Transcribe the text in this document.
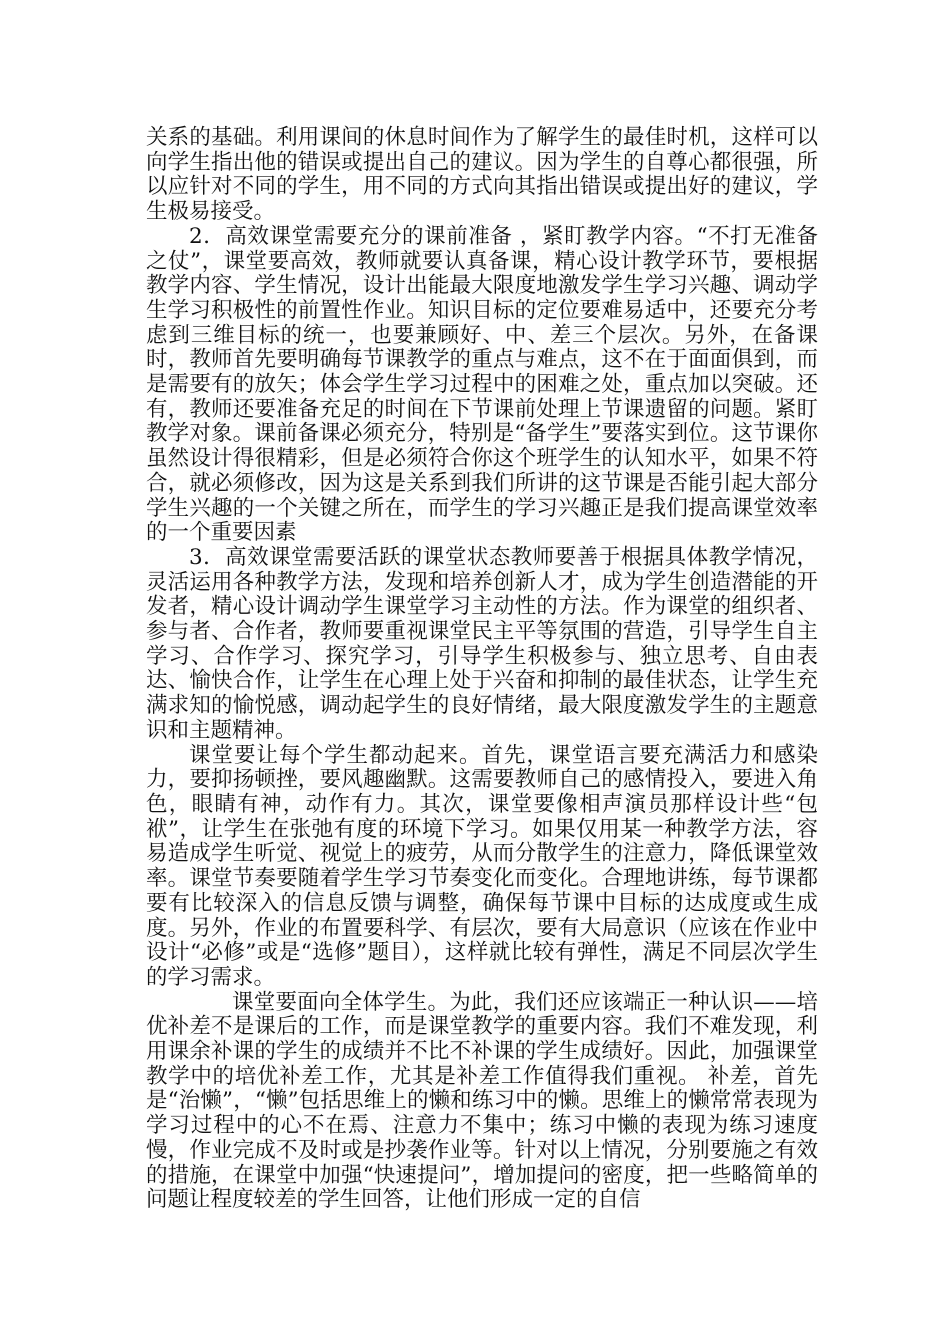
关系的基础。利用课间的休息时间作为了解学生的最佳时机，这样可以向学生指出他的错误或提出自己的建议。因为学生的自尊心都很强，所以应针对不同的学生，用不同的方式向其指出错误或提出好的建议，学生极易接受。

2．高效课堂需要充分的课前准备 ，紧盯教学内容。“不打无准备之仗”，课堂要高效，教师就要认真备课，精心设计教学环节，要根据教学内容、学生情况，设计出能最大限度地激发学生学习兴趣、调动学生学习积极性的前置性作业。知识目标的定位要难易适中，还要充分考虑到三维目标的统一，也要兼顾好、中、差三个层次。另外，在备课时，教师首先要明确每节课教学的重点与难点，这不在于面面俱到，而是需要有的放矢；体会学生学习过程中的困难之处，重点加以突破。还有，教师还要准备充足的时间在下节课前处理上节课遗留的问题。紧盯教学对象。课前备课必须充分，特别是“备学生”要落实到位。这节课你虽然设计得很精彩，但是必须符合你这个班学生的认知水平，如果不符合，就必须修改，因为这是关系到我们所讲的这节课是否能引起大部分学生兴趣的一个关键之所在，而学生的学习兴趣正是我们提高课堂效率的一个重要因素

3．高效课堂需要活跃的课堂状态教师要善于根据具体教学情况，灵活运用各种教学方法，发现和培养创新人才，成为学生创造潜能的开发者，精心设计调动学生课堂学习主动性的方法。作为课堂的组织者、参与者、合作者，教师要重视课堂民主平等氛围的营造，引导学生自主学习、合作学习、探究学习，引导学生积极参与、独立思考、自由表达、愉快合作，让学生在心理上处于兴奋和抑制的最佳状态，让学生充满求知的愉悦感，调动起学生的良好情绪，最大限度激发学生的主题意识和主题精神。

课堂要让每个学生都动起来。首先，课堂语言要充满活力和感染力，要抑扬顿挫，要风趣幽默。这需要教师自己的感情投入，要进入角色，眼睛有神，动作有力。其次，课堂要像相声演员那样设计些“包袱”，让学生在张弛有度的环境下学习。如果仅用某一种教学方法，容易造成学生听觉、视觉上的疲劳，从而分散学生的注意力，降低课堂效率。课堂节奏要随着学生学习节奏变化而变化。合理地讲练，每节课都要有比较深入的信息反馈与调整，确保每节课中目标的达成度或生成度。另外，作业的布置要科学、有层次，要有大局意识（应该在作业中设计“必修”或是“选修”题目），这样就比较有弹性，满足不同层次学生的学习需求。

课堂要面向全体学生。为此，我们还应该端正一种认识——培优补差不是课后的工作，而是课堂教学的重要内容。我们不难发现，利用课余补课的学生的成绩并不比不补课的学生成绩好。因此，加强课堂教学中的培优补差工作，尤其是补差工作值得我们重视。 补差，首先是“治懒”，“懒”包括思维上的懒和练习中的懒。思维上的懒常常表现为学习过程中的心不在焉、注意力不集中；练习中懒的表现为练习速度慢，作业完成不及时或是抄袭作业等。针对以上情况，分别要施之有效的措施，在课堂中加强“快速提问”，增加提问的密度，把一些略简单的问题让程度较差的学生回答，让他们形成一定的自信
